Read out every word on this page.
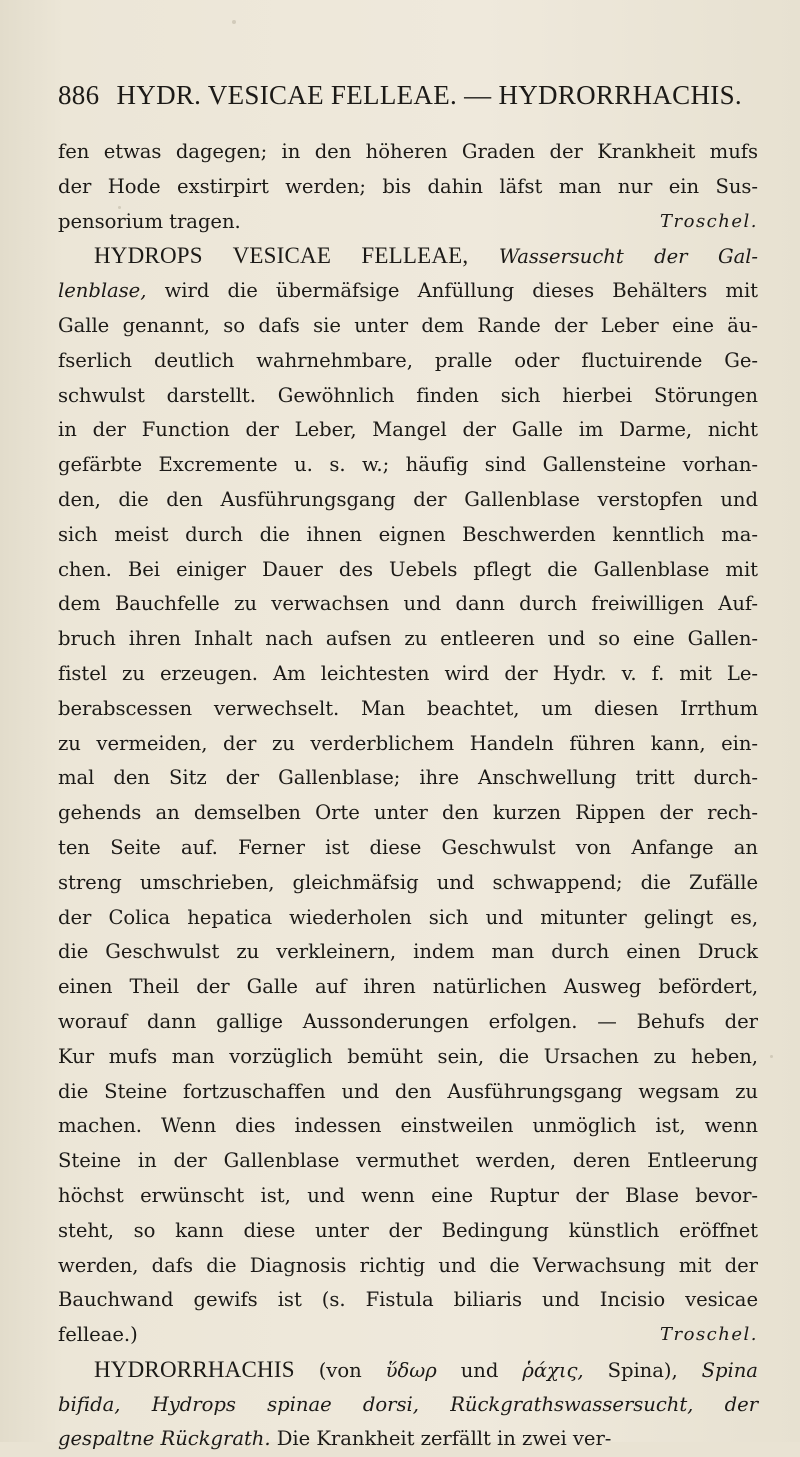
886 HYDR. VESICAE FELLEAE. — HYDRORRHACHIS.
fen etwas dagegen; in den höheren Graden der Krankheit mufs
der Hode exstirpirt werden; bis dahin läfst man nur ein Sus-
pensorium tragen.	Troschel.
HYDROPS VESICAE FELLEAE, Wassersucht der Gal-
lenblase, wird die übermäfsige Anfüllung dieses Behälters mit
Galle genannt, so dafs sie unter dem Rande der Leber eine äu-
fserlich deutlich wahrnehmbare, pralle oder fluctuirende Ge-
schwulst darstellt. Gewöhnlich finden sich hierbei Störungen
in der Function der Leber, Mangel der Galle im Darme, nicht
gefärbte Excremente u. s. w.; häufig sind Gallensteine vorhan-
den, die den Ausführungsgang der Gallenblase verstopfen und
sich meist durch die ihnen eignen Beschwerden kenntlich ma-
chen. Bei einiger Dauer des Uebels pflegt die Gallenblase mit
dem Bauchfelle zu verwachsen und dann durch freiwilligen Auf-
bruch ihren Inhalt nach aufsen zu entleeren und so eine Gallen-
fistel zu erzeugen. Am leichtesten wird der Hydr. v. f. mit Le-
berabscessen verwechselt. Man beachtet, um diesen Irrthum
zu vermeiden, der zu verderblichem Handeln führen kann, ein-
mal den Sitz der Gallenblase; ihre Anschwellung tritt durch-
gehends an demselben Orte unter den kurzen Rippen der rech-
ten Seite auf. Ferner ist diese Geschwulst von Anfange an
streng umschrieben, gleichmäfsig und schwappend; die Zufälle
der Colica hepatica wiederholen sich und mitunter gelingt es,
die Geschwulst zu verkleinern, indem man durch einen Druck
einen Theil der Galle auf ihren natürlichen Ausweg befördert,
worauf dann gallige Aussonderungen erfolgen. — Behufs der
Kur mufs man vorzüglich bemüht sein, die Ursachen zu heben,
die Steine fortzuschaffen und den Ausführungsgang wegsam zu
machen. Wenn dies indessen einstweilen unmöglich ist, wenn
Steine in der Gallenblase vermuthet werden, deren Entleerung
höchst erwünscht ist, und wenn eine Ruptur der Blase bevor-
steht, so kann diese unter der Bedingung künstlich eröffnet
werden, dafs die Diagnosis richtig und die Verwachsung mit der
Bauchwand gewifs ist (s. Fistula biliaris und Incisio vesicae
felleae.)	Troschel.
HYDRORRHACHIS (von ὕδωρ und ῥάχις, Spina), Spina
bifida, Hydrops spinae dorsi, Rückgrathswassersucht, der
gespaltne Rückgrath. Die Krankheit zerfällt in zwei ver-
